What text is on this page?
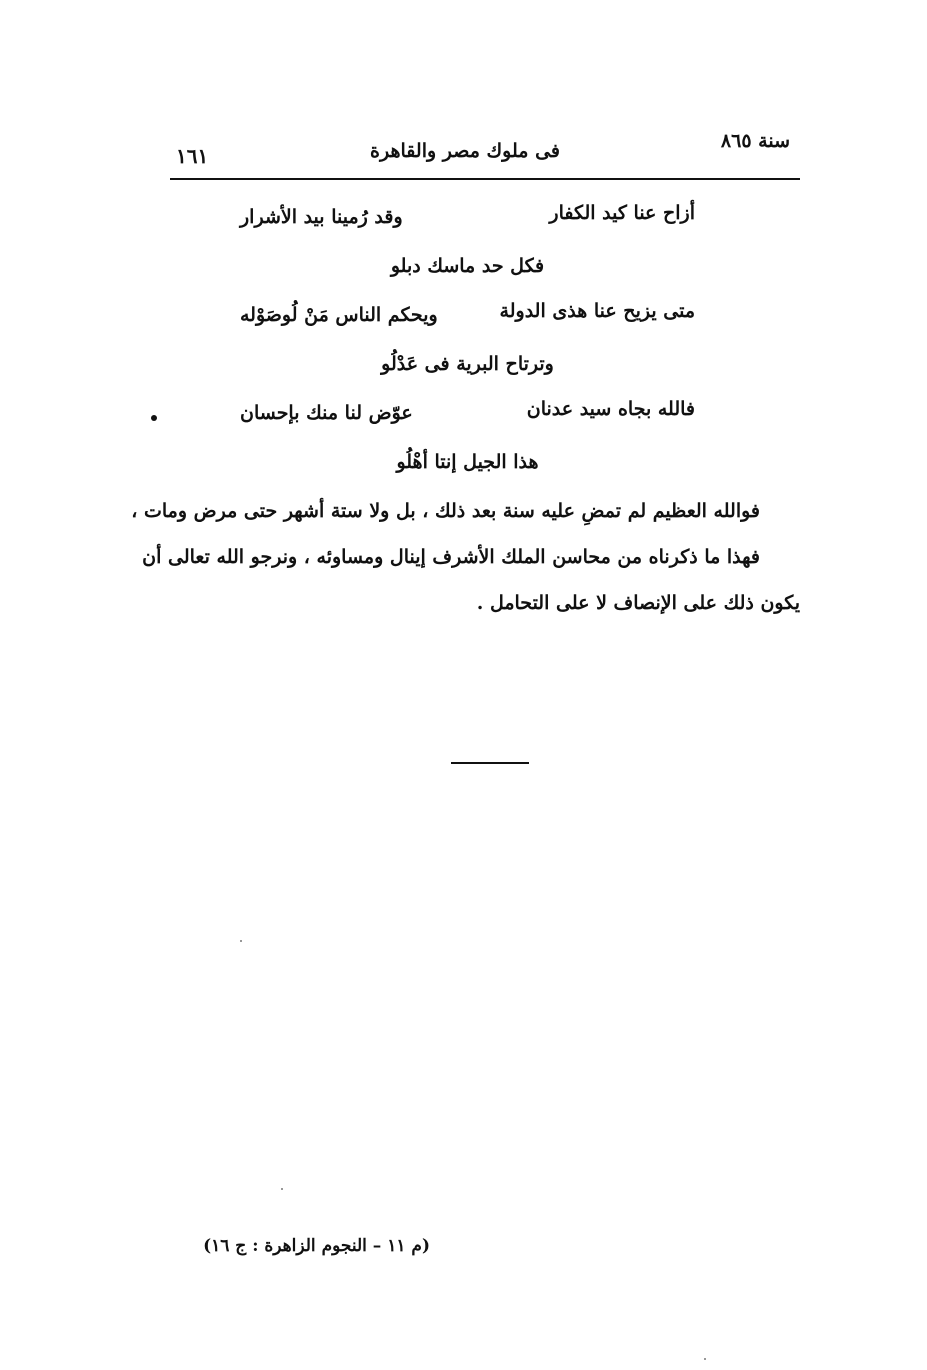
سنة ٨٦٥
فى ملوك مصر والقاهرة
١٦١
أزاح عنا كيد الكفار
وقد رُمينا بيد الأشرار
فكل حد ماسك دبلو
متى يزيح عنا هذى الدولة
ويحكم الناس مَنْ لُوصَوْله
وترتاح البرية فى عَدْلُو
فالله بجاه سيد عدنان
عوّض لنا منك بإحسان
هذا الجيل إنتا أهْلُو

فوالله العظيم لم تمضِ عليه سنة بعد ذلك ، بل ولا ستة أشهر حتى مرض ومات ،

فهذا ما ذكرناه من محاسن الملك الأشرف إينال ومساوئه ، ونرجو الله تعالى أن

يكون ذلك على الإنصاف لا على التحامل .

(م ١١ – النجوم الزاهرة : ج ١٦)
